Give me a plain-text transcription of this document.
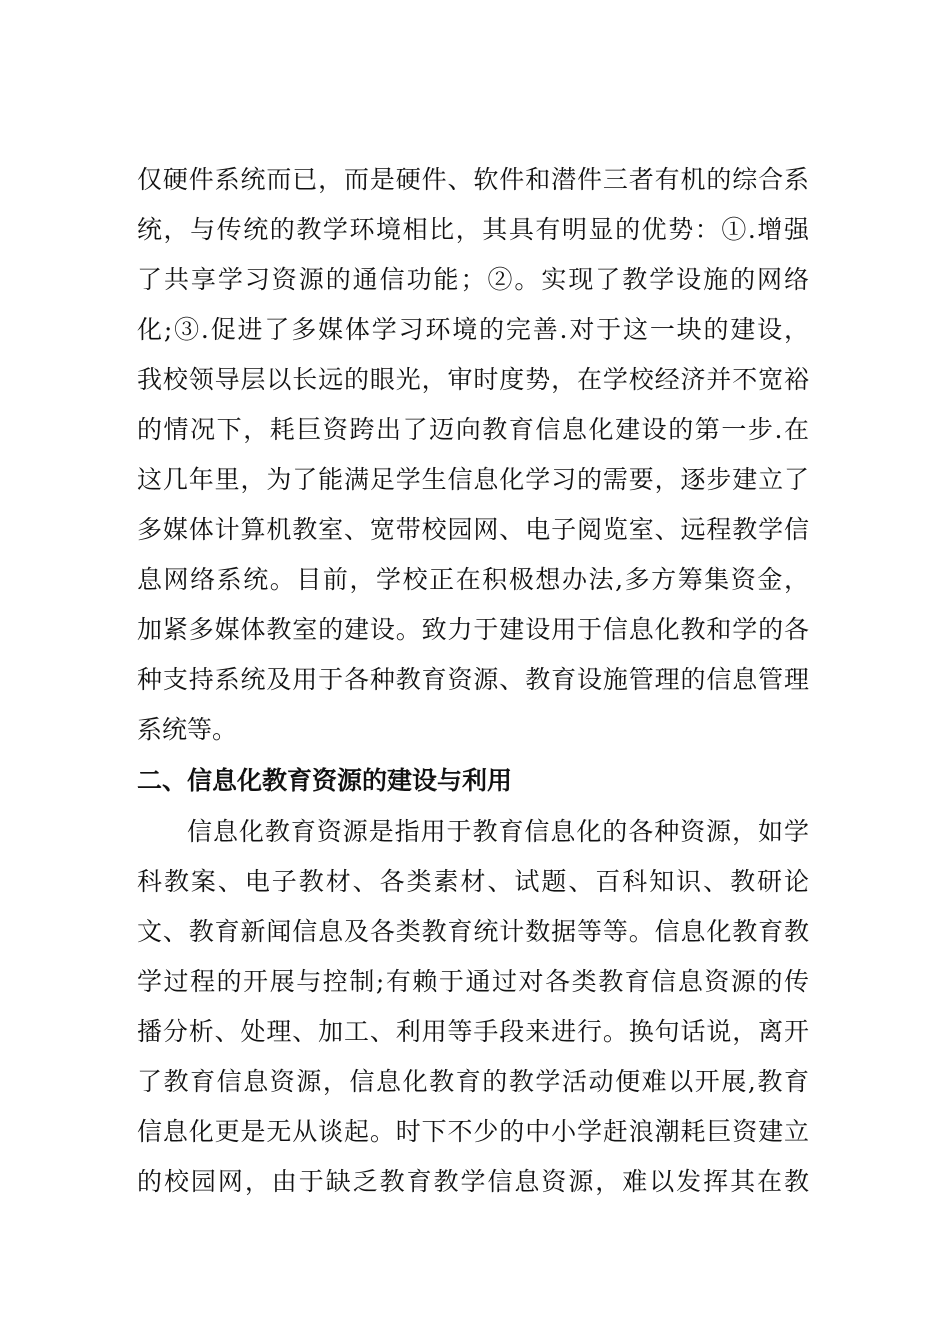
仅硬件系统而已，而是硬件、软件和潜件三者有机的综合系
统，与传统的教学环境相比，其具有明显的优势：①.增强
了共享学习资源的通信功能；②。实现了教学设施的网络
化;③.促进了多媒体学习环境的完善.对于这一块的建设，
我校领导层以长远的眼光，审时度势，在学校经济并不宽裕
的情况下，耗巨资跨出了迈向教育信息化建设的第一步.在
这几年里，为了能满足学生信息化学习的需要，逐步建立了
多媒体计算机教室、宽带校园网、电子阅览室、远程教学信
息网络系统。目前，学校正在积极想办法,多方筹集资金，
加紧多媒体教室的建设。致力于建设用于信息化教和学的各
种支持系统及用于各种教育资源、教育设施管理的信息管理
系统等。
二、信息化教育资源的建设与利用
信息化教育资源是指用于教育信息化的各种资源，如学
科教案、电子教材、各类素材、试题、百科知识、教研论
文、教育新闻信息及各类教育统计数据等等。信息化教育教
学过程的开展与控制;有赖于通过对各类教育信息资源的传
播分析、处理、加工、利用等手段来进行。换句话说，离开
了教育信息资源，信息化教育的教学活动便难以开展,教育
信息化更是无从谈起。时下不少的中小学赶浪潮耗巨资建立
的校园网，由于缺乏教育教学信息资源，难以发挥其在教
